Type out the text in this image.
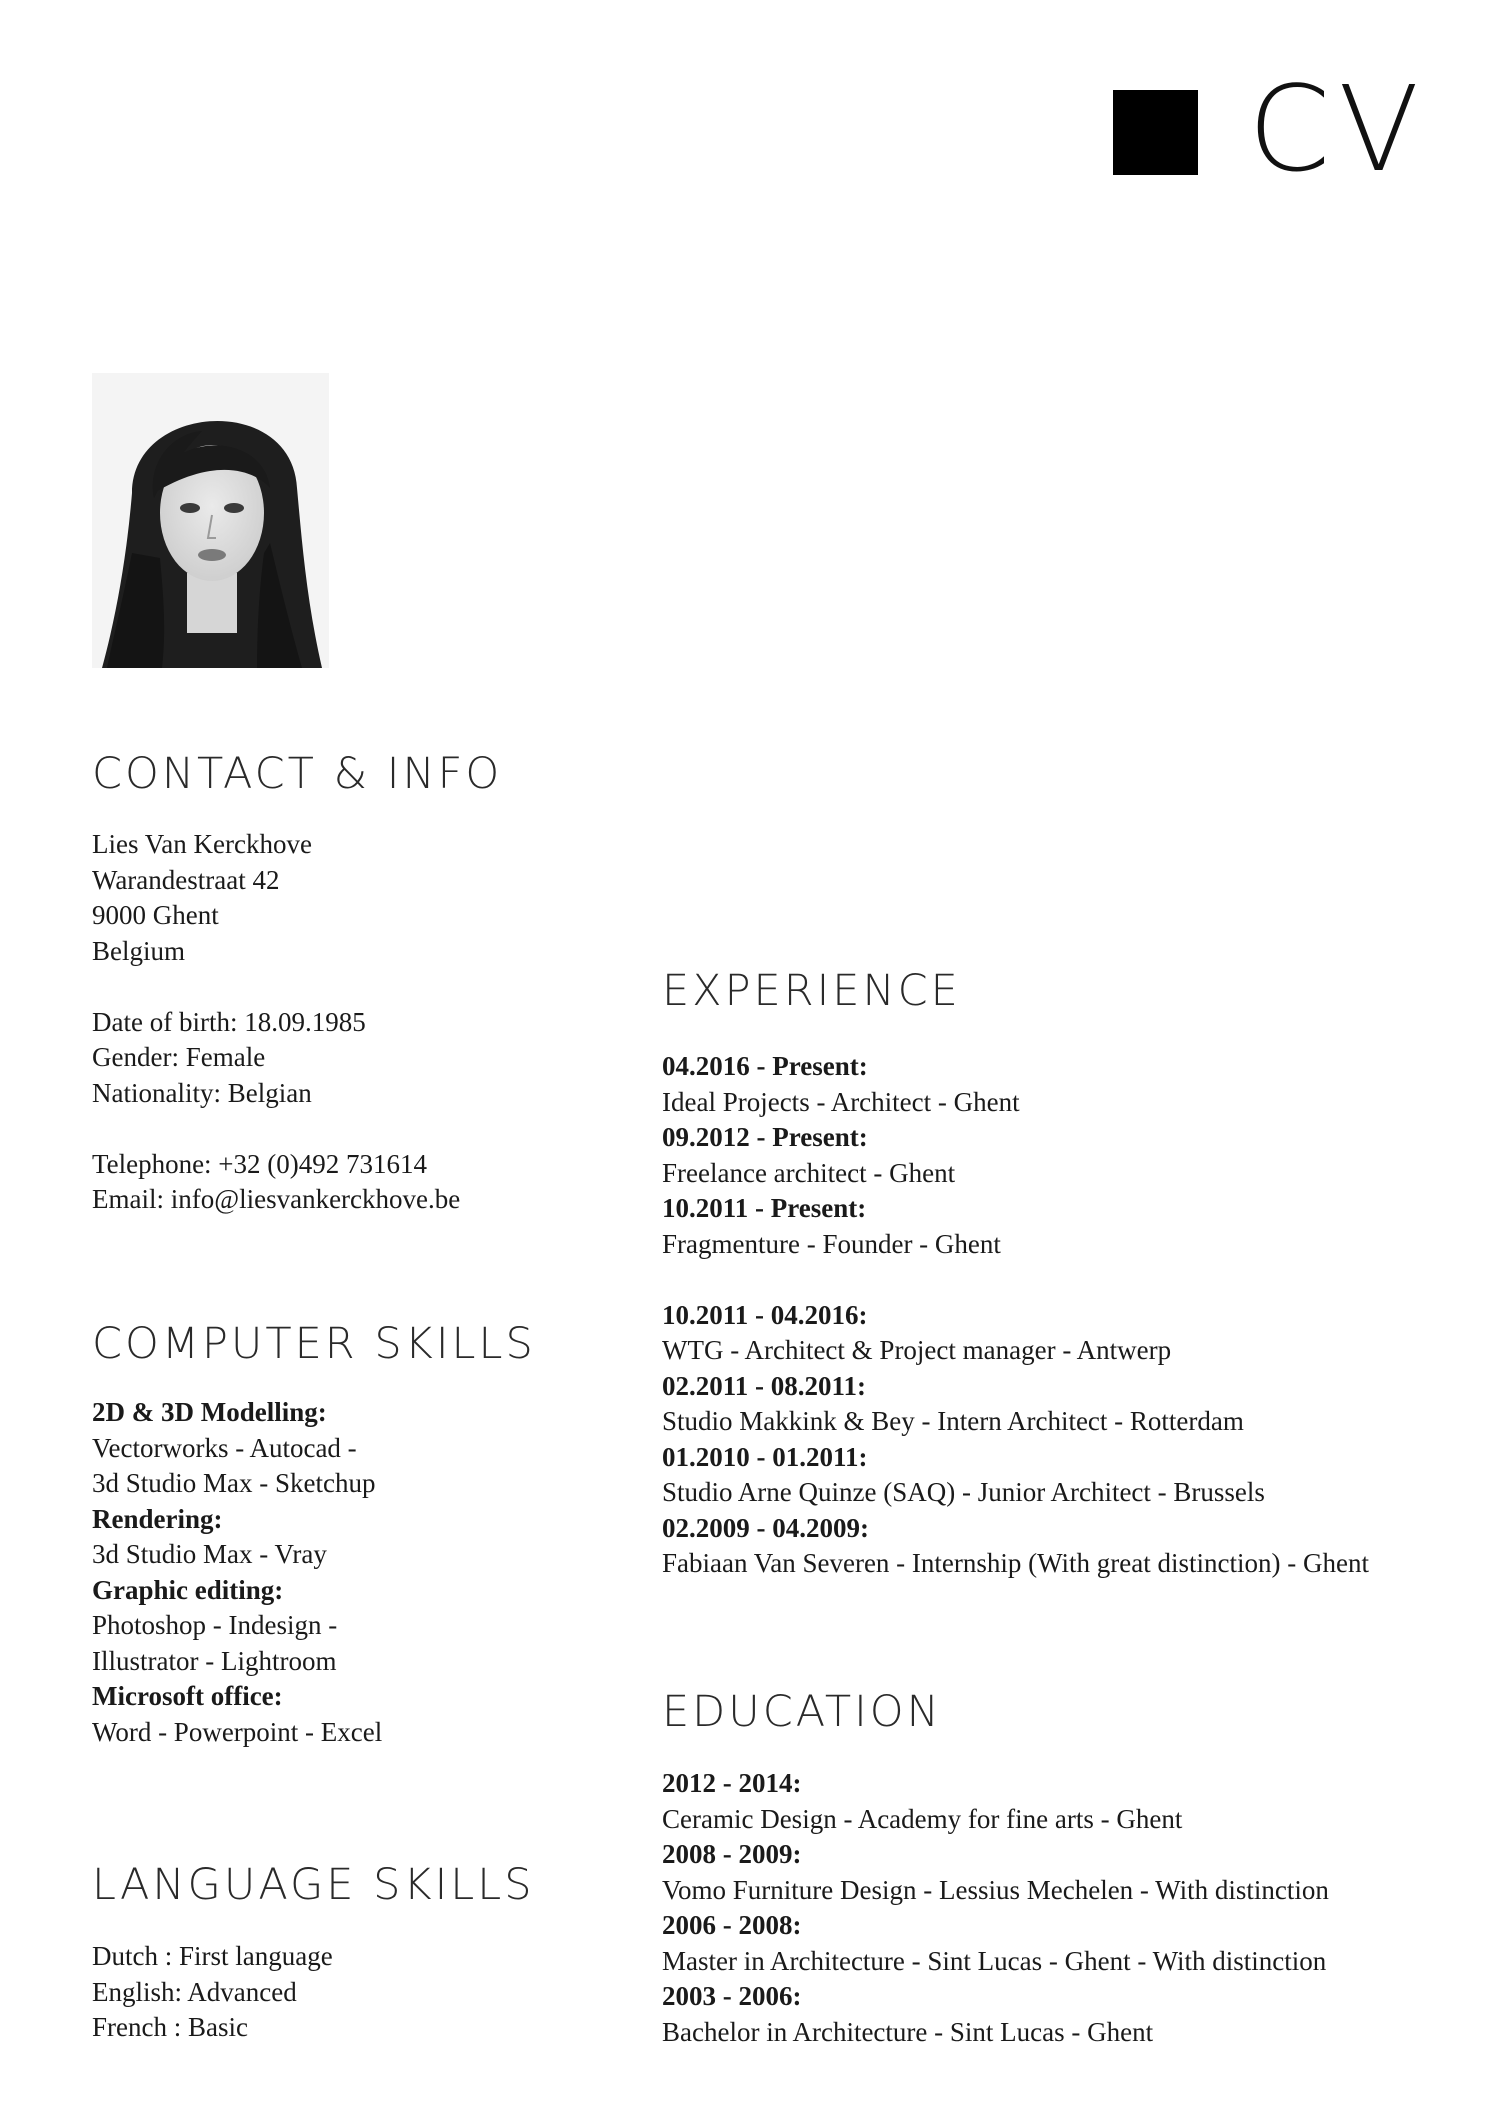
CV
CONTACT & INFO
Lies Van Kerckhove
Warandestraat 42
9000 Ghent
Belgium
Date of birth: 18.09.1985
Gender: Female
Nationality: Belgian
Telephone: +32 (0)492 731614
Email: info@liesvankerckhove.be
COMPUTER SKILLS
2D & 3D Modelling:
Vectorworks - Autocad -
3d Studio Max - Sketchup
Rendering:
3d Studio Max - Vray
Graphic editing:
Photoshop - Indesign -
Illustrator - Lightroom
Microsoft office:
Word - Powerpoint - Excel
LANGUAGE SKILLS
Dutch : First language
English: Advanced
French : Basic
EXPERIENCE
04.2016 - Present:
Ideal Projects - Architect - Ghent
09.2012 - Present:
Freelance architect - Ghent
10.2011 - Present:
Fragmenture - Founder - Ghent
10.2011 - 04.2016:
WTG - Architect & Project manager - Antwerp
02.2011 - 08.2011:
Studio Makkink & Bey - Intern Architect - Rotterdam
01.2010 - 01.2011:
Studio Arne Quinze (SAQ) - Junior Architect - Brussels
02.2009 - 04.2009:
Fabiaan Van Severen - Internship (With great distinction) - Ghent
EDUCATION
2012 - 2014:
Ceramic Design - Academy for fine arts - Ghent
2008 - 2009:
Vomo Furniture Design - Lessius Mechelen - With distinction
2006 - 2008:
Master in Architecture - Sint Lucas - Ghent - With distinction
2003 - 2006:
Bachelor in Architecture - Sint Lucas - Ghent
